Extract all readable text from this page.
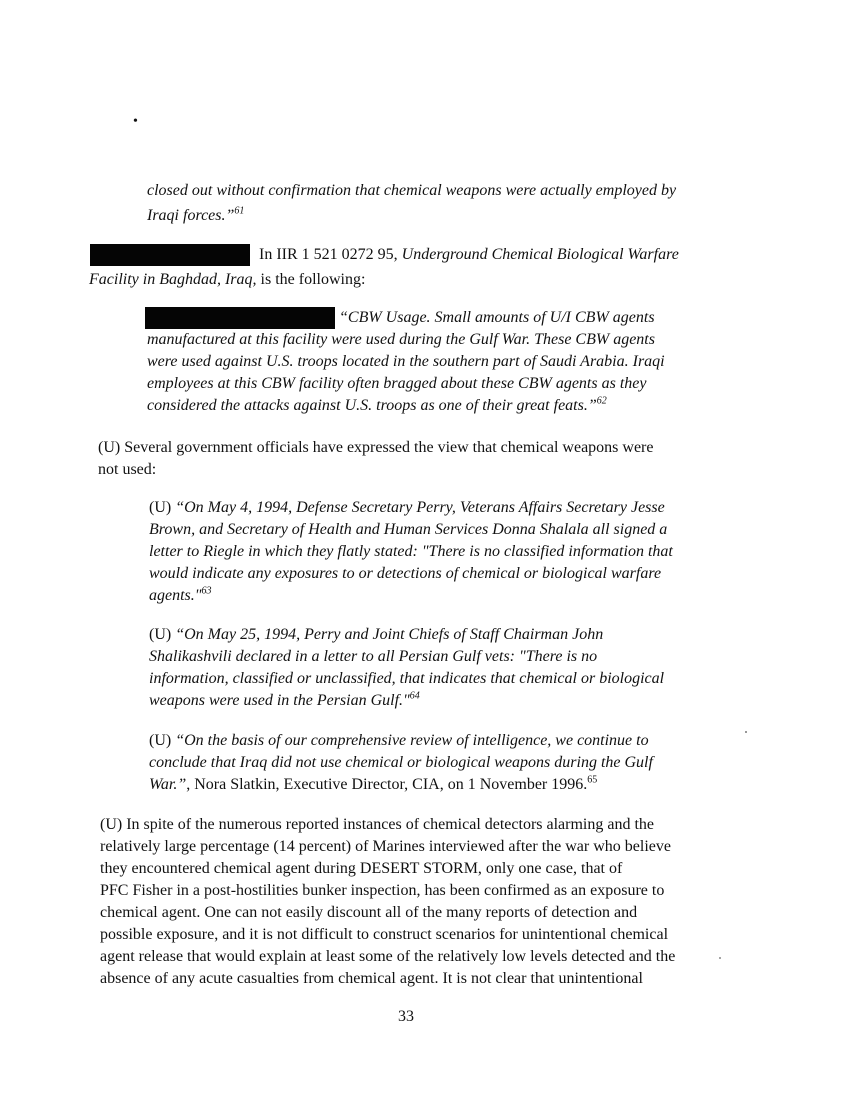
•
closed out without confirmation that chemical weapons were actually employed by
Iraqi forces.”$^{61}$
In IIR 1 521 0272 95, Underground Chemical Biological Warfare
Facility in Baghdad, Iraq, is the following:
“CBW Usage. Small amounts of U/I CBW agents
manufactured at this facility were used during the Gulf War. These CBW agents
were used against U.S. troops located in the southern part of Saudi Arabia. Iraqi
employees at this CBW facility often bragged about these CBW agents as they
considered the attacks against U.S. troops as one of their great feats.”$^{62}$
(U) Several government officials have expressed the view that chemical weapons were
not used:
(U) “On May 4, 1994, Defense Secretary Perry, Veterans Affairs Secretary Jesse
Brown, and Secretary of Health and Human Services Donna Shalala all signed a
letter to Riegle in which they flatly stated: "There is no classified information that
would indicate any exposures to or detections of chemical or biological warfare
agents."$^{63}$
(U) “On May 25, 1994, Perry and Joint Chiefs of Staff Chairman John
Shalikashvili declared in a letter to all Persian Gulf vets: "There is no
information, classified or unclassified, that indicates that chemical or biological
weapons were used in the Persian Gulf."$^{64}$
(U) “On the basis of our comprehensive review of intelligence, we continue to
conclude that Iraq did not use chemical or biological weapons during the Gulf
War.”, Nora Slatkin, Executive Director, CIA, on 1 November 1996.65
(U) In spite of the numerous reported instances of chemical detectors alarming and the
relatively large percentage (14 percent) of Marines interviewed after the war who believe
they encountered chemical agent during DESERT STORM, only one case, that of
PFC Fisher in a post-hostilities bunker inspection, has been confirmed as an exposure to
chemical agent. One can not easily discount all of the many reports of detection and
possible exposure, and it is not difficult to construct scenarios for unintentional chemical
agent release that would explain at least some of the relatively low levels detected and the
absence of any acute casualties from chemical agent. It is not clear that unintentional
33
